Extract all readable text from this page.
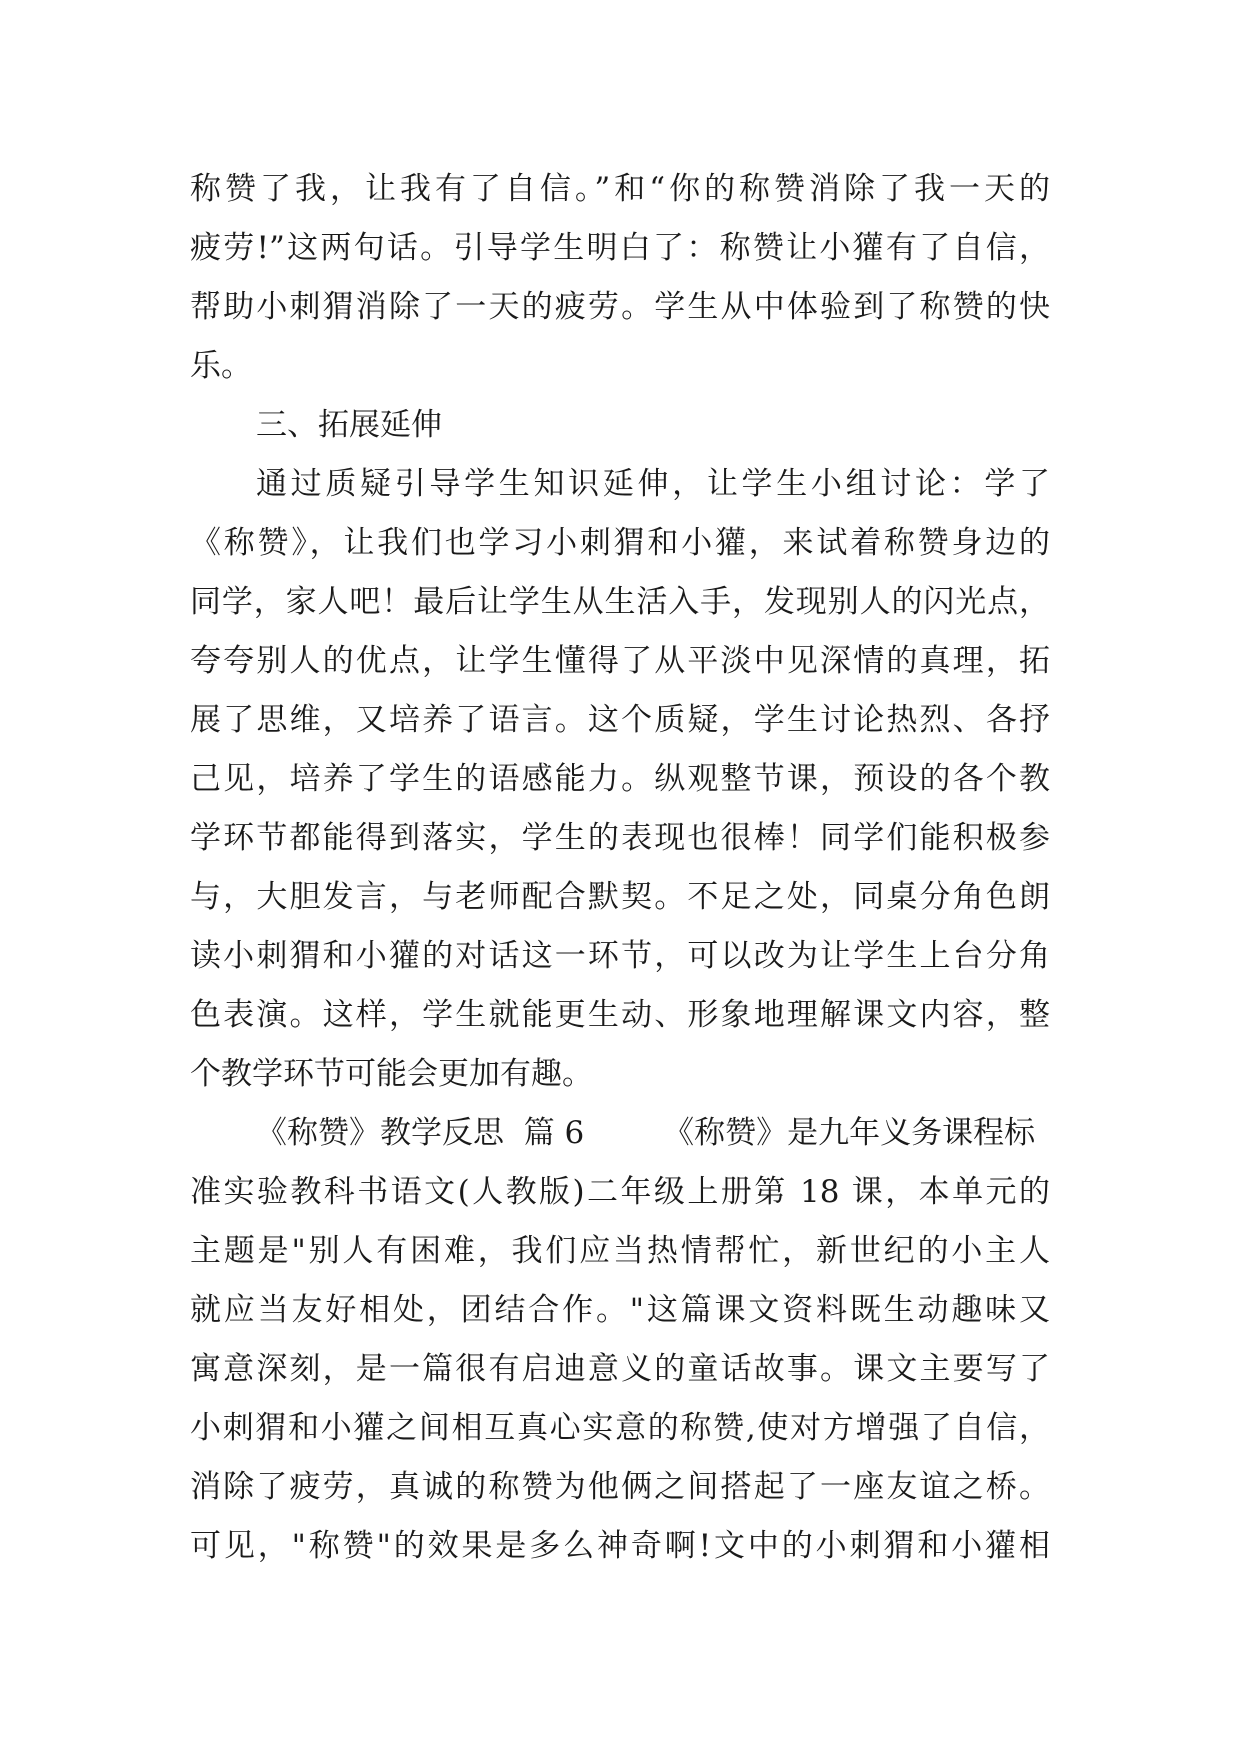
称赞了我，让我有了自信。”和“你的称赞消除了我一天的
疲劳!”这两句话。引导学生明白了：称赞让小獾有了自信，
帮助小刺猬消除了一天的疲劳。学生从中体验到了称赞的快
乐。
三、拓展延伸
通过质疑引导学生知识延伸，让学生小组讨论：学了
《称赞》，让我们也学习小刺猬和小獾，来试着称赞身边的
同学，家人吧！最后让学生从生活入手，发现别人的闪光点，
夸夸别人的优点，让学生懂得了从平淡中见深情的真理，拓
展了思维，又培养了语言。这个质疑，学生讨论热烈、各抒
己见，培养了学生的语感能力。纵观整节课，预设的各个教
学环节都能得到落实，学生的表现也很棒！同学们能积极参
与，大胆发言，与老师配合默契。不足之处，同桌分角色朗
读小刺猬和小獾的对话这一环节，可以改为让学生上台分角
色表演。这样，学生就能更生动、形象地理解课文内容，整
个教学环节可能会更加有趣。
《称赞》教学反思  篇 6        《称赞》是九年义务课程标
准实验教科书语文(人教版)二年级上册第 18 课，本单元的
主题是"别人有困难，我们应当热情帮忙，新世纪的小主人
就应当友好相处，团结合作。"这篇课文资料既生动趣味又
寓意深刻，是一篇很有启迪意义的童话故事。课文主要写了
小刺猬和小獾之间相互真心实意的称赞,使对方增强了自信，
消除了疲劳，真诚的称赞为他俩之间搭起了一座友谊之桥。
可见，"称赞"的效果是多么神奇啊!文中的小刺猬和小獾相
